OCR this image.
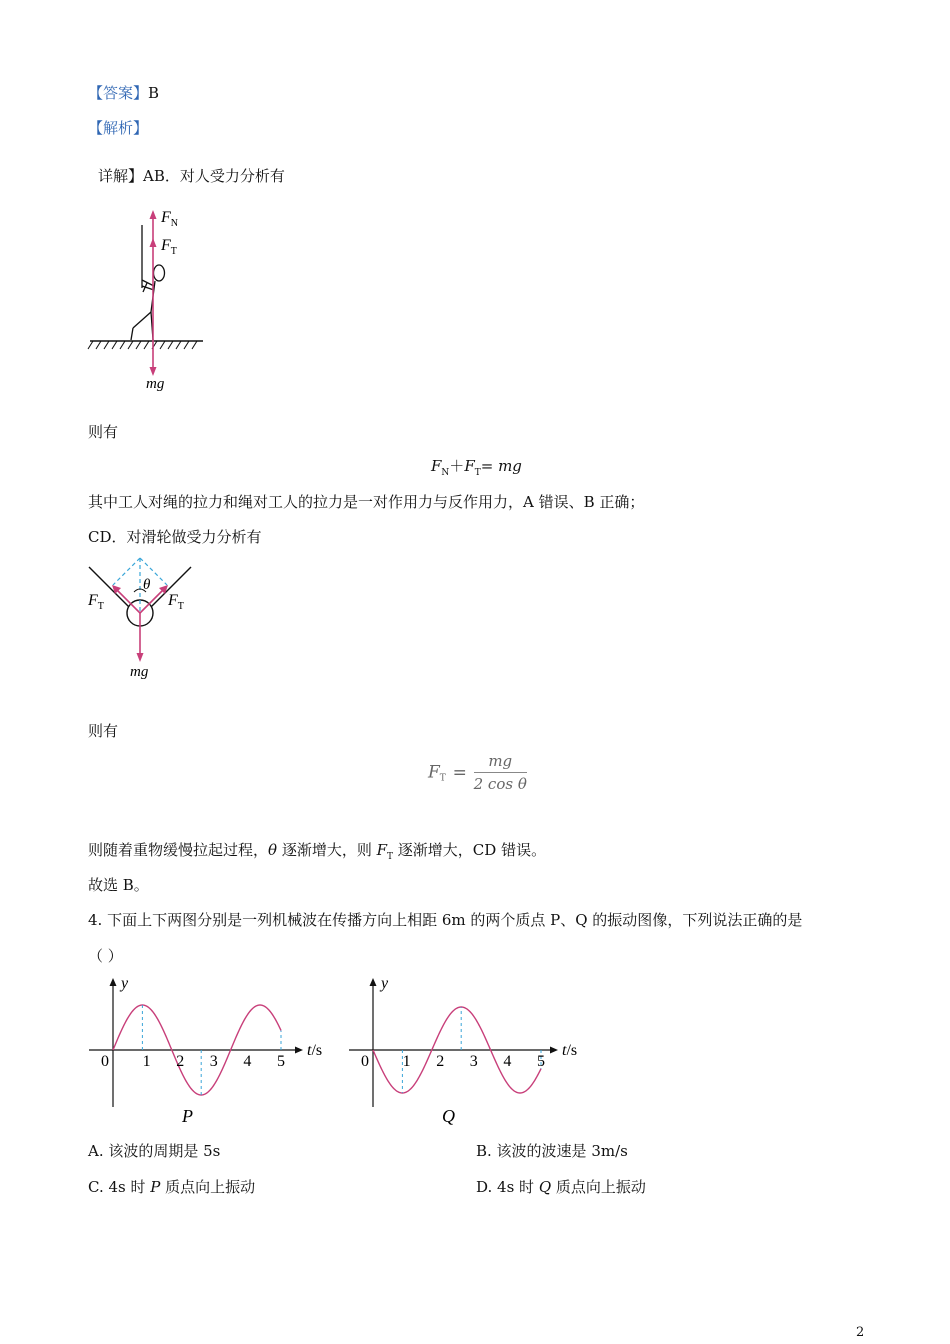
【答案】B
【解析】
详解】AB．对人受力分析有
$F_N$
$F_T$
mg
则有
$F_N+F_T=$ mg
其中工人对绳的拉力和绳对工人的拉力是一对作用力与反作用力，A 错误、B 正确；
CD．对滑轮做受力分析有
θ
$F_T$	$F_T$
mg
则有
$F_T = \frac{mg}{\text{2 cos θ}}$
则随着重物缓慢拉起过程，θ 逐渐增大，则 $F_T$ 逐渐增大，CD 错误。
故选 B。
4. 下面上下两图分别是一列机械波在传播方向上相距 6m 的两个质点 P、Q 的振动图像，下列说法正确的是
（ ）
0 1 2 3 4 5
y
t/s
P
0 1 2 3 4 5
y
t/s
Q
A. 该波的周期是 5s	B. 该波的波速是 3m/s
C. 4s 时 P 质点向上振动	D. 4s 时 Q 质点向上振动
2
